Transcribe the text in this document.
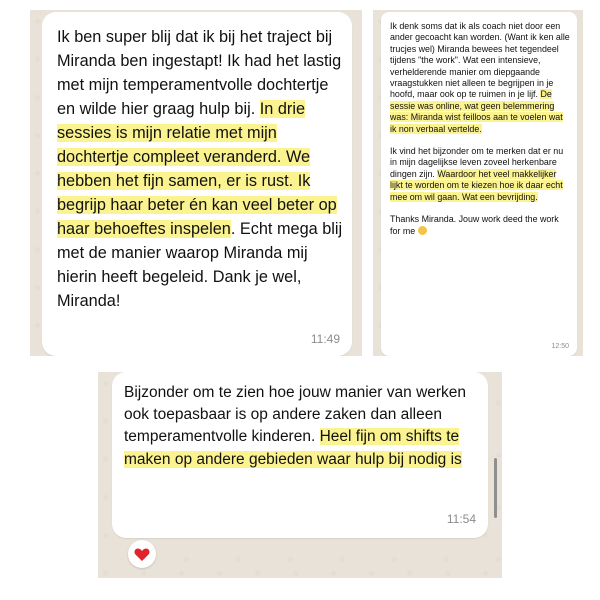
Ik ben super blij dat ik bij het traject bij Miranda ben ingestapt! Ik had het lastig met mijn temperamentvolle dochtertje en wilde hier graag hulp bij. In drie sessies is mijn relatie met mijn dochtertje compleet veranderd. We hebben het fijn samen, er is rust. Ik begrijp haar beter én kan veel beter op haar behoeftes inspelen. Echt mega blij met de manier waarop Miranda mij hierin heeft begeleid. Dank je wel, Miranda!

11:49

Ik denk soms dat ik als coach niet door een ander gecoacht kan worden. (Want ik ken alle trucjes wel) Miranda bewees het tegendeel tijdens "the work". Wat een intensieve, verhelderende manier om diepgaande vraagstukken niet alleen te begrijpen in je hoofd, maar ook op te ruimen in je lijf. De sessie was online, wat geen belemmering was: Miranda wist feilloos aan te voelen wat ik non verbaal vertelde.

Ik vind het bijzonder om te merken dat er nu in mijn dagelijkse leven zoveel herkenbare dingen zijn. Waardoor het veel makkelijker lijkt te worden om te kiezen hoe ik daar echt mee om wil gaan. Wat een bevrijding.

Thanks Miranda. Jouw work deed the work for me

12:50

Bijzonder om te zien hoe jouw manier van werken ook toepasbaar is op andere zaken dan alleen temperamentvolle kinderen. Heel fijn om shifts te maken op andere gebieden waar hulp bij nodig is

11:54
